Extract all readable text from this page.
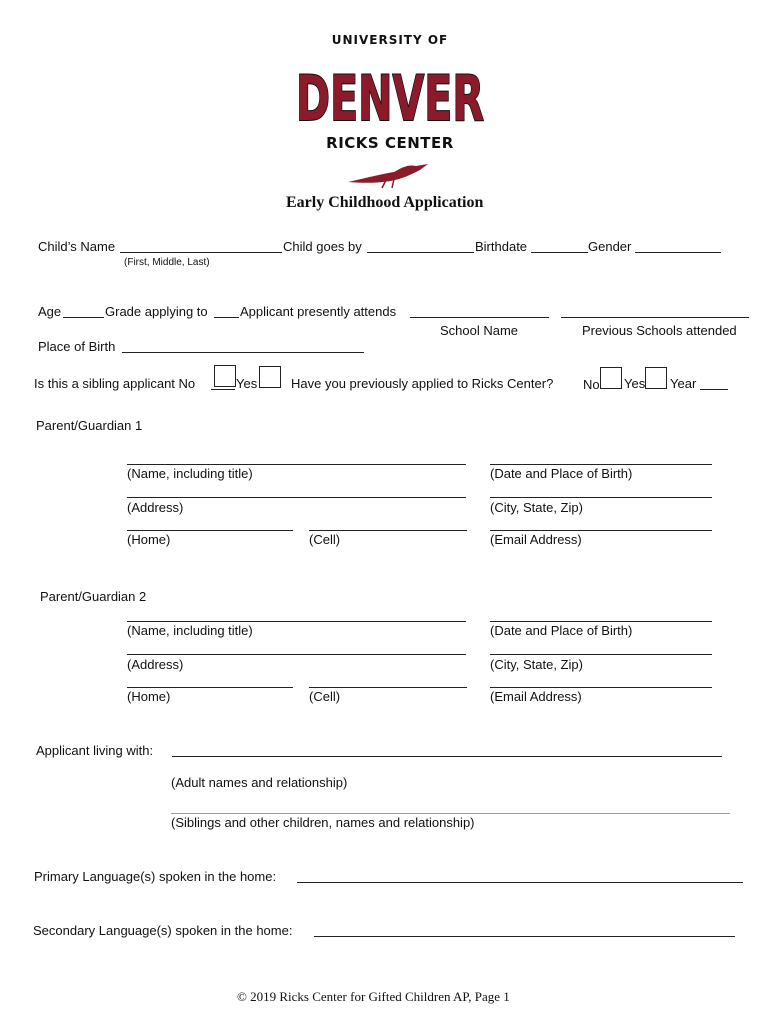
UNIVERSITY OF
DENVER
RICKS CENTER
Early Childhood Application
Child’s Name	Child goes by	Birthdate	Gender
(First, Middle, Last)
Age	Grade applying to Applicant presently attends
School Name	Previous Schools attended
Place of Birth
Is this a sibling applicant No	Yes	Have you previously applied to Ricks Center? No Yes Year
Parent/Guardian 1
(Name, including title)	(Date and Place of Birth)
(Address)	(City, State, Zip)
(Home)	(Cell)	(Email Address)
Parent/Guardian 2
(Name, including title)	(Date and Place of Birth)
(Address)	(City, State, Zip)
(Home)	(Cell)	(Email Address)
Applicant living with:
(Adult names and relationship)
(Siblings and other children, names and relationship)
Primary Language(s) spoken in the home:
Secondary Language(s) spoken in the home:
© 2019 Ricks Center for Gifted Children AP, Page 1
